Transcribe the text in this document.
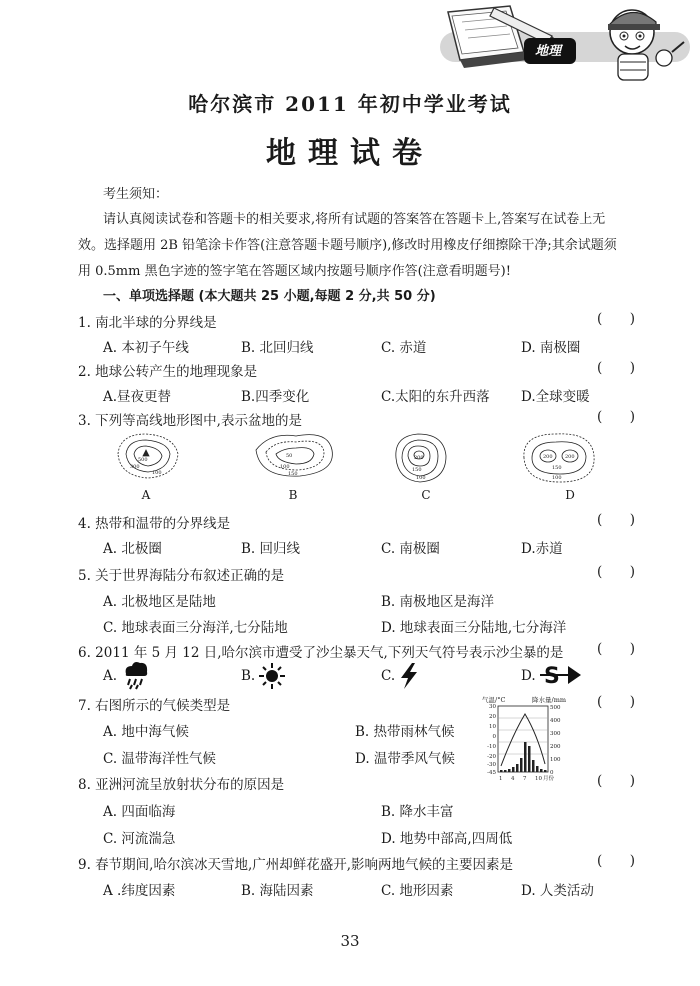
地理
哈尔滨市 2011 年初中学业考试
地理试卷
考生须知：
请认真阅读试卷和答题卡的相关要求,将所有试题的答案答在答题卡上,答案写在试卷上无
效。选择题用 2B 铅笔涂卡作答(注意答题卡题号顺序),修改时用橡皮仔细擦除干净;其余试题须
用 0.5mm 黑色字迹的签字笔在答题区域内按题号顺序作答(注意看明题号)!
一、单项选择题 (本大题共 25 小题,每题 2 分,共 50 分)
1. 南北半球的分界线是	( )
A. 本初子午线	B. 北回归线	C. 赤道	D. 南极圈
2. 地球公转产生的地理现象是	( )
A.昼夜更替	B.四季变化	C.太阳的东升西落 D.全球变暖
3. 下列等高线地形图中,表示盆地的是	( )
500
300
100
50
100
150
200
150
100
200 200
150
100
A	B	C	D
4. 热带和温带的分界线是	( )
A. 北极圈	B. 回归线	C. 南极圈	D.赤道
5. 关于世界海陆分布叙述正确的是	( )
A. 北极地区是陆地	B. 南极地区是海洋
C. 地球表面三分海洋,七分陆地	D. 地球表面三分陆地,七分海洋
6. 2011 年 5 月 12 日,哈尔滨市遭受了沙尘暴天气,下列天气符号表示沙尘暴的是 ( )
A.	B.	C.	D. S
7. 右图所示的气候类型是	( )
A. 地中海气候	B. 热带雨林气候
C. 温带海洋性气候	D. 温带季风气候
气温/°C	降水量/mm
30
20
10
0
-10
-20
-30
-45
500
400
300
200
100
0
1 4 7 10 月份
8. 亚洲河流呈放射状分布的原因是	( )
A. 四面临海	B. 降水丰富
C. 河流湍急	D. 地势中部高,四周低
9. 春节期间,哈尔滨冰天雪地,广州却鲜花盛开,影响两地气候的主要因素是	( )
A .纬度因素	B. 海陆因素	C. 地形因素	D. 人类活动
33
